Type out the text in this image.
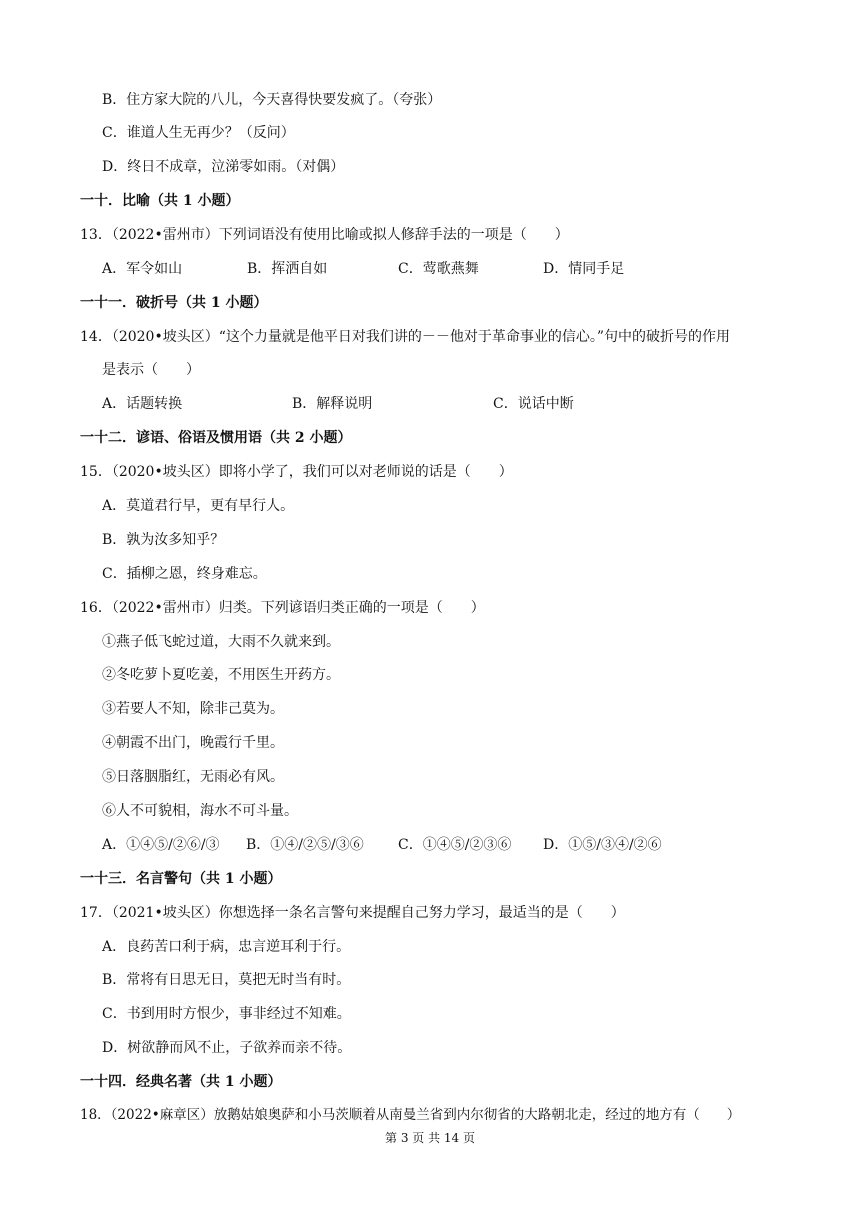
B．住方家大院的八儿，今天喜得快要发疯了。（夸张）
C．谁道人生无再少？（反问）
D．终日不成章，泣涕零如雨。（对偶）
一十．比喻（共 1 小题）
13．（2022•雷州市）下列词语没有使用比喻或拟人修辞手法的一项是（　　）
A．军令如山	B．挥洒自如	C．莺歌燕舞	D．情同手足
一十一．破折号（共 1 小题）
14．（2020•坡头区）“这个力量就是他平日对我们讲的－－他对于革命事业的信心。”句中的破折号的作用
是表示（　　）
A．话题转换	B．解释说明	C．说话中断
一十二．谚语、俗语及惯用语（共 2 小题）
15．（2020•坡头区）即将小学了，我们可以对老师说的话是（　　）
A．莫道君行早，更有早行人。
B．孰为汝多知乎？
C．插柳之恩，终身难忘。
16．（2022•雷州市）归类。下列谚语归类正确的一项是（　　）
①燕子低飞蛇过道，大雨不久就来到。
②冬吃萝卜夏吃姜，不用医生开药方。
③若要人不知，除非己莫为。
④朝霞不出门，晚霞行千里。
⑤日落胭脂红，无雨必有风。
⑥人不可貌相，海水不可斗量。
A．①④⑤/②⑥/③ B．①④/②⑤/③⑥ C．①④⑤/②③⑥ D．①⑤/③④/②⑥
一十三．名言警句（共 1 小题）
17．（2021•坡头区）你想选择一条名言警句来提醒自己努力学习，最适当的是（　　）
A．良药苦口利于病，忠言逆耳利于行。
B．常将有日思无日，莫把无时当有时。
C．书到用时方恨少，事非经过不知难。
D．树欲静而风不止，子欲养而亲不待。
一十四．经典名著（共 1 小题）
18．（2022•麻章区）放鹅姑娘奥萨和小马茨顺着从南曼兰省到内尔彻省的大路朝北走，经过的地方有（　　）
第 3 页 共 14 页
